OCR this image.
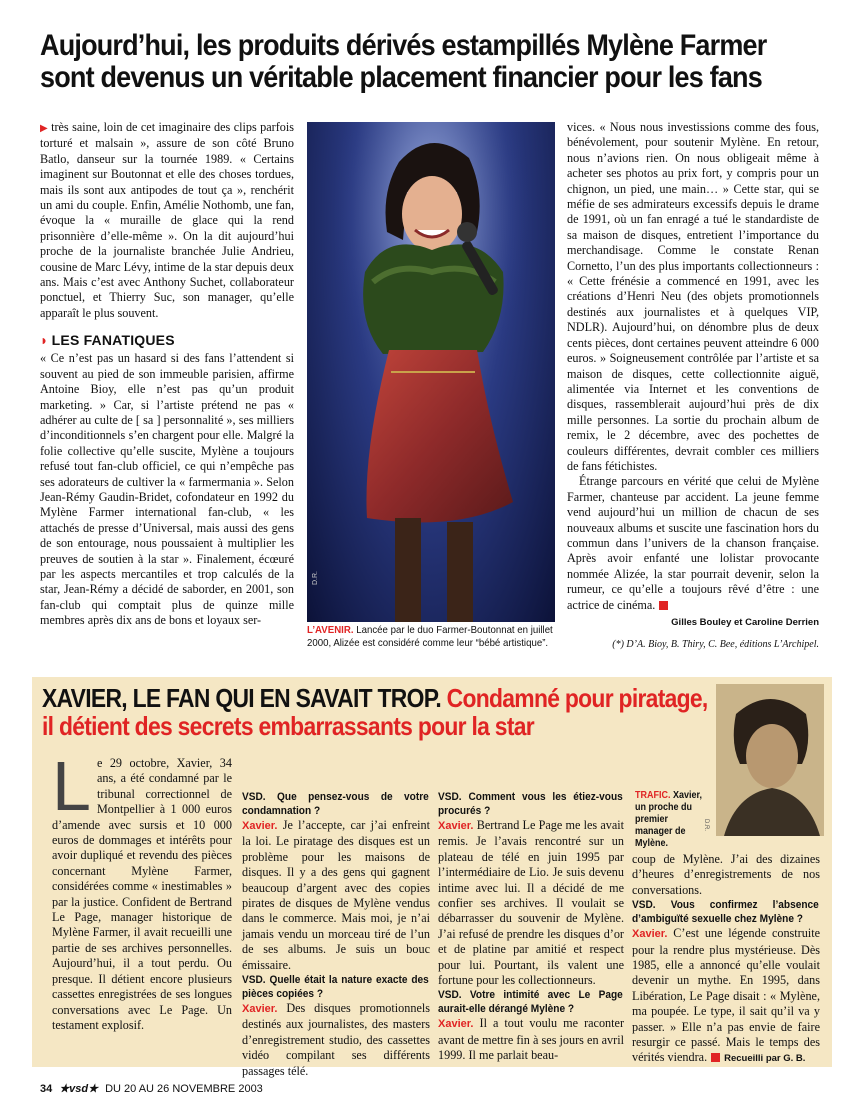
Aujourd’hui, les produits dérivés estampillés Mylène Farmer
sont devenus un véritable placement financier pour les fans

▶ très saine, loin de cet imaginaire des clips parfois torturé et malsain », assure de son côté Bruno Batlo, danseur sur la tournée 1989. « Certains imaginent sur Boutonnat et elle des choses tordues, mais ils sont aux antipodes de tout ça », renchérit un ami du couple. Enfin, Amélie Nothomb, une fan, évoque la « muraille de glace qui la rend prisonnière d’elle-même ». On la dit aujourd’hui proche de la journaliste branchée Julie Andrieu, cousine de Marc Lévy, intime de la star depuis deux ans. Mais c’est avec Anthony Suchet, collaborateur ponctuel, et Thierry Suc, son manager, qu’elle apparaît le plus souvent.

◗ LES FANATIQUES

« Ce n’est pas un hasard si des fans l’attendent si souvent au pied de son immeuble parisien, affirme Antoine Bioy, elle n’est pas qu’un produit marketing. » Car, si l’artiste prétend ne pas « adhérer au culte de [ sa ] personnalité », ses milliers d’inconditionnels s’en chargent pour elle. Malgré la folie collective qu’elle suscite, Mylène a toujours refusé tout fan-club officiel, ce qui n’empêche pas ses adorateurs de cultiver la « farmermania ». Selon Jean-Rémy Gaudin-Bridet, cofondateur en 1992 du Mylène Farmer international fan-club, « les attachés de presse d’Universal, mais aussi des gens de son entourage, nous poussaient à multiplier les preuves de soutien à la star ». Finalement, écœuré par les aspects mercantiles et trop calculés de la star, Jean-Rémy a décidé de saborder, en 2001, son fan-club qui comptait plus de quinze mille membres après dix ans de bons et loyaux ser-

D.R.
L’AVENIR. Lancée par le duo Farmer-Boutonnat en juillet 2000, Alizée est considéré comme leur “bébé artistique”.

vices. « Nous nous investissions comme des fous, bénévolement, pour soutenir Mylène. En retour, nous n’avions rien. On nous obligeait même à acheter ses photos au prix fort, y compris pour un chignon, un pied, une main… » Cette star, qui se méfie de ses admirateurs excessifs depuis le drame de 1991, où un fan enragé a tué le standardiste de sa maison de disques, entretient l’importance du merchandisage. Comme le constate Renan Cornetto, l’un des plus importants collectionneurs : « Cette frénésie a commencé en 1991, avec les créations d’Henri Neu (des objets promotionnels destinés aux journalistes et à quelques VIP, NDLR). Aujourd’hui, on dénombre plus de deux cents pièces, dont certaines peuvent atteindre 6 000 euros. » Soigneusement contrôlée par l’artiste et sa maison de disques, cette collectionnite aiguë, alimentée via Internet et les conventions de disques, rassemblerait aujourd’hui près de dix mille personnes. La sortie du prochain album de remix, le 2 décembre, avec des pochettes de couleurs différentes, devrait combler ces milliers de fans fétichistes.

Étrange parcours en vérité que celui de Mylène Farmer, chanteuse par accident. La jeune femme vend aujourd’hui un million de chacun de ses nouveaux albums et suscite une fascination hors du commun dans l’univers de la chanson française. Après avoir enfanté une lolistar provocante nommée Alizée, la star pourrait devenir, selon la rumeur, ce qu’elle a toujours rêvé d’être : une actrice de cinéma.

Gilles Bouley et Caroline Derrien
(*) D’A. Bioy, B. Thiry, C. Bee, éditions L’Archipel.
XAVIER, LE FAN QUI EN SAVAIT TROP. Condamné pour piratage,
il détient des secrets embarrassants pour la star
D.R.
TRAFIC. Xavier, un proche du premier manager de Mylène.
L e 29 octobre, Xavier, 34 ans, a été condamné par le tribunal correctionnel de Montpellier à 1 000 euros d’amende avec sursis et 10 000 euros de dommages et intérêts pour avoir dupliqué et revendu des pièces concernant Mylène Farmer, considérées comme « inestimables » par la justice. Confident de Bertrand Le Page, manager historique de Mylène Farmer, il avait recueilli une partie de ses archives personnelles. Aujourd’hui, il a tout perdu. Ou presque. Il détient encore plusieurs cassettes enregistrées de ses longues conversations avec Le Page. Un testament explosif.
VSD. Que pensez-vous de votre condamnation ?
Xavier. Je l’accepte, car j’ai enfreint la loi. Le piratage des disques est un problème pour les maisons de disques. Il y a des gens qui gagnent beaucoup d’argent avec des copies pirates de disques de Mylène vendus dans le commerce. Mais moi, je n’ai jamais vendu un morceau tiré de l’un de ses albums. Je suis un bouc émissaire.
VSD. Quelle était la nature exacte des pièces copiées ?
Xavier. Des disques promotionnels destinés aux journalistes, des masters d’enregistrement studio, des cassettes vidéo compilant ses différents passages télé.
VSD. Comment vous les étiez-vous procurés ?
Xavier. Bertrand Le Page me les avait remis. Je l’avais rencontré sur un plateau de télé en juin 1995 par l’intermédiaire de Lio. Je suis devenu intime avec lui. Il a décidé de me confier ses archives. Il voulait se débarrasser du souvenir de Mylène. J’ai refusé de prendre les disques d’or et de platine par amitié et respect pour lui. Pourtant, ils valent une fortune pour les collectionneurs.
VSD. Votre intimité avec Le Page aurait-elle dérangé Mylène ?
Xavier. Il a tout voulu me raconter avant de mettre fin à ses jours en avril 1999. Il me parlait beau-
coup de Mylène. J’ai des dizaines d’heures d’enregistrements de nos conversations.
VSD. Vous confirmez l’absence d’ambiguïté sexuelle chez Mylène ?
Xavier. C’est une légende construite pour la rendre plus mystérieuse. Dès 1985, elle a annoncé qu’elle voulait devenir un mythe. En 1995, dans Libération, Le Page disait : « Mylène, ma poupée. Le type, il sait qu’il va y passer. » Elle n’a pas envie de faire resurgir ce passé. Mais le temps des vérités viendra. Recueilli par G. B.
34 ★vsd★ DU 20 AU 26 NOVEMBRE 2003
